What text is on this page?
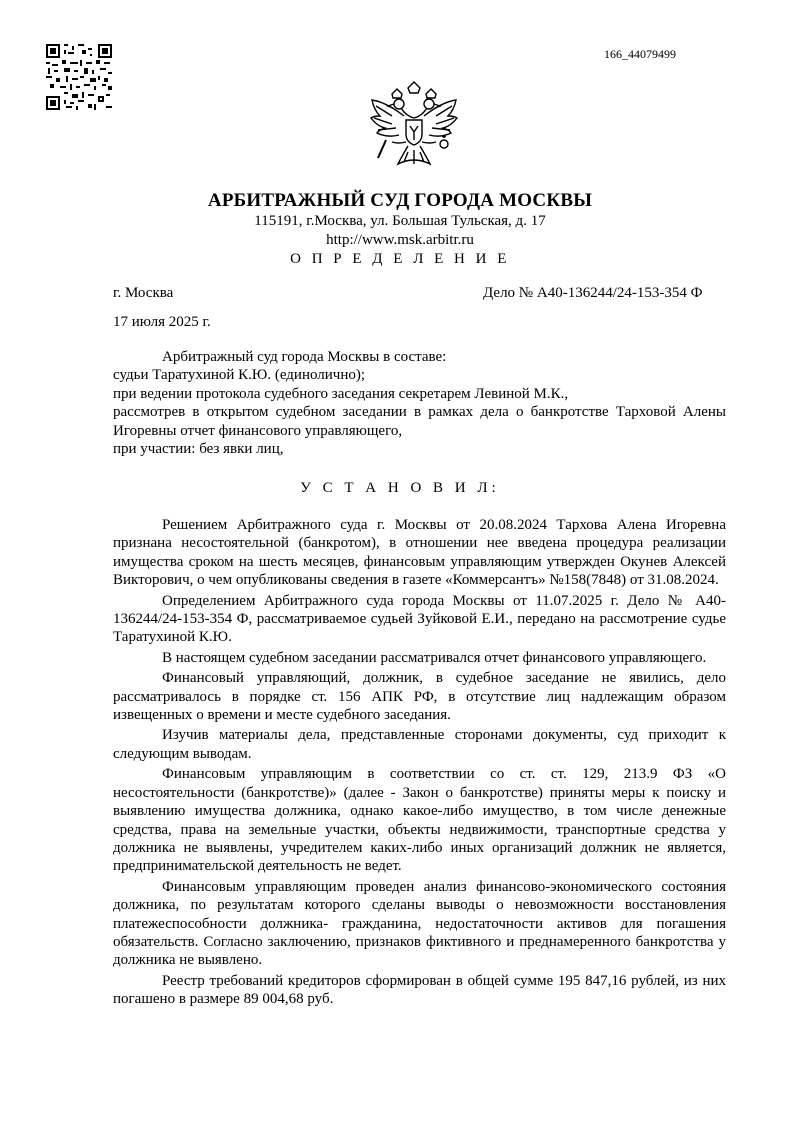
166_44079499
АРБИТРАЖНЫЙ СУД ГОРОДА МОСКВЫ
115191, г.Москва, ул. Большая Тульская, д. 17
http://www.msk.arbitr.ru
О П Р Е Д Е Л Е Н И Е
г. Москва	Дело № А40-136244/24-153-354 Ф
17 июля 2025 г.

Арбитражный суд города Москвы в составе:

судьи Таратухиной К.Ю. (единолично);

при ведении протокола судебного заседания секретарем Левиной М.К.,

рассмотрев в открытом судебном заседании в рамках дела о банкротстве Тарховой Алены Игоревны отчет финансового управляющего,

при участии: без явки лиц,

У С Т А Н О В И Л:

Решением Арбитражного суда г. Москвы от 20.08.2024 Тархова Алена Игоревна признана несостоятельной (банкротом), в отношении нее введена процедура реализации имущества сроком на шесть месяцев, финансовым управляющим утвержден Окунев Алексей Викторович, о чем опубликованы сведения в газете «Коммерсантъ» №158(7848) от 31.08.2024.

Определением Арбитражного суда города Москвы от 11.07.2025 г. Дело № А40-136244/24-153-354 Ф, рассматриваемое судьей Зуйковой Е.И., передано на рассмотрение судье Таратухиной К.Ю.

В настоящем судебном заседании рассматривался отчет финансового управляющего.

Финансовый управляющий, должник, в судебное заседание не явились, дело рассматривалось в порядке ст. 156 АПК РФ, в отсутствие лиц надлежащим образом извещенных о времени и месте судебного заседания.

Изучив материалы дела, представленные сторонами документы, суд приходит к следующим выводам.

Финансовым управляющим в соответствии со ст. ст. 129, 213.9 ФЗ «О несостоятельности (банкротстве)» (далее - Закон о банкротстве) приняты меры к поиску и выявлению имущества должника, однако какое-либо имущество, в том числе денежные средства, права на земельные участки, объекты недвижимости, транспортные средства у должника не выявлены, учредителем каких-либо иных организаций должник не является, предпринимательской деятельность не ведет.

Финансовым управляющим проведен анализ финансово-экономического состояния должника, по результатам которого сделаны выводы о невозможности восстановления платежеспособности должника- гражданина, недостаточности активов для погашения обязательств. Согласно заключению, признаков фиктивного и преднамеренного банкротства у должника не выявлено.

Реестр требований кредиторов сформирован в общей сумме 195 847,16 рублей, из них погашено в размере 89 004,68 руб.
